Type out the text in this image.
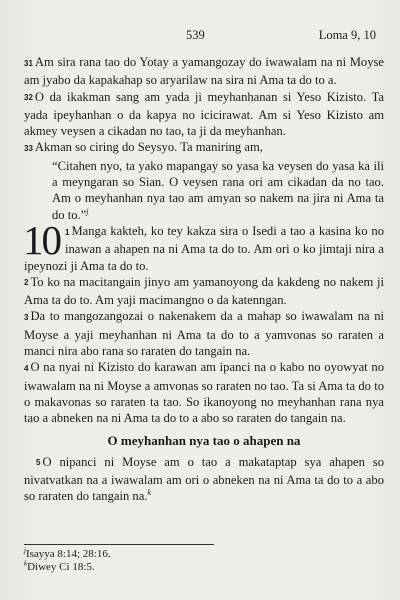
539	Loma 9, 10

$^{31}$ Am sira rana tao do Yotay a yamangozay do iwawalam na ni Moyse am jyabo da kapakahap so aryarilaw na sira ni Ama ta do to a.

$^{32}$ O da ikakman sang am yada ji meyhanhanan si Yeso Kizisto. Ta yada ipeyhanhan o da kapya no icicirawat. Am si Yeso Kizisto am akmey veysen a cikadan no tao, ta ji da meyhanhan.

$^{33}$ Akman so ciring do Seysyo. Ta maniring am,

“Citahen nyo, ta yako mapangay so yasa ka veysen do yasa ka ili a meyngaran so Sian. O veysen rana ori am cikadan da no tao. Am o meyhanhan nya tao am amyan so nakem na jira ni Ama ta do to.”$^j$

10 $^1$ Manga kakteh, ko tey kakza sira o Isedi a tao a kasina ko no inawan a ahapen na ni Ama ta do to. Am ori o ko jimtaji nira a ipeynozi ji Ama ta do to.

$^2$ To ko na macitangain jinyo am yamanoyong da kakdeng no nakem ji Ama ta do to. Am yaji macimangno o da katenngan.

$^3$ Da to mangozangozai o nakenakem da a mahap so iwawalam na ni Moyse a yaji meyhanhan ni Ama ta do to a yamvonas so raraten a manci nira abo rana so raraten do tangain na.

$^4$ O na nyai ni Kizisto do karawan am ipanci na o kabo no oyowyat no iwawalam na ni Moyse a amvonas so raraten no tao. Ta si Ama ta do to o makavonas so raraten ta tao. So ikanoyong no meyhanhan rana nya tao a abneken na ni Ama ta do to a abo so raraten do tangain na.

O meyhanhan nya tao o ahapen na

$^5$ O nipanci ni Moyse am o tao a makataptap sya ahapen so nivatvatkan na a iwawalam am ori o abneken na ni Ama ta do to a abo so raraten do tangain na.$^k$

$^j$Isayya 8:14; 28:16.
$^k$Diwey Ci 18:5.
